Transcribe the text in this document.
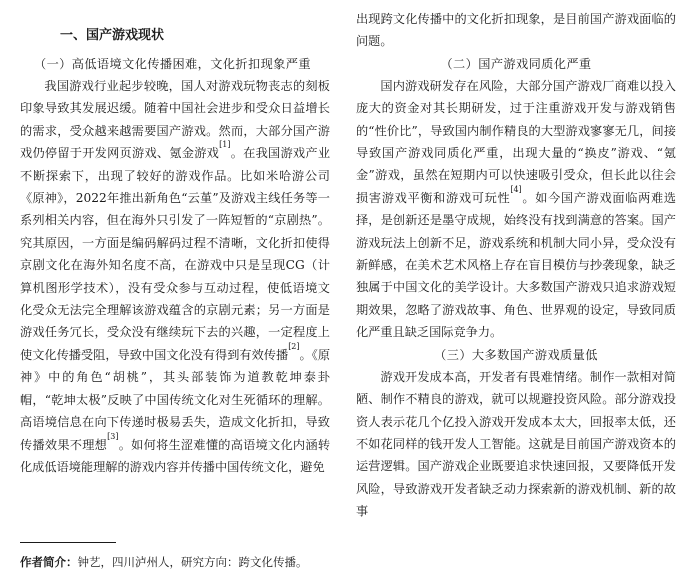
一、国产游戏现状
（一）高低语境文化传播困难，文化折扣现象严重

我国游戏行业起步较晚，国人对游戏玩物丧志的刻板印象导致其发展迟缓。随着中国社会进步和受众日益增长的需求，受众越来越需要国产游戏。然而，大部分国产游戏仍停留于开发网页游戏、氪金游戏[1]。在我国游戏产业不断探索下，出现了较好的游戏作品。比如米哈游公司《原神》，2022年推出新角色“云堇”及游戏主线任务等一系列相关内容，但在海外只引发了一阵短暂的“京剧热”。究其原因，一方面是编码解码过程不清晰，文化折扣使得京剧文化在海外知名度不高，在游戏中只是呈现CG（计算机图形学技术），没有受众参与互动过程，使低语境文化受众无法完全理解该游戏蕴含的京剧元素；另一方面是游戏任务冗长，受众没有继续玩下去的兴趣，一定程度上使文化传播受阻，导致中国文化没有得到有效传播[2]。《原神》中的角色“胡桃”，其头部装饰为道教乾坤泰卦帽，“乾坤太极”反映了中国传统文化对生死循环的理解。高语境信息在向下传递时极易丢失，造成文化折扣，导致传播效果不理想[3]。如何将生涩难懂的高语境文化内涵转化成低语境能理解的游戏内容并传播中国传统文化，避免

出现跨文化传播中的文化折扣现象，是目前国产游戏面临的问题。

（二）国产游戏同质化严重

国内游戏研发存在风险，大部分国产游戏厂商难以投入庞大的资金对其长期研发，过于注重游戏开发与游戏销售的“性价比”，导致国内制作精良的大型游戏寥寥无几，间接导致国产游戏同质化严重，出现大量的“换皮”游戏、“氪金”游戏，虽然在短期内可以快速吸引受众，但长此以往会损害游戏平衡和游戏可玩性[4]。如今国产游戏面临两难选择，是创新还是墨守成规，始终没有找到满意的答案。国产游戏玩法上创新不足，游戏系统和机制大同小异，受众没有新鲜感，在美术艺术风格上存在盲目模仿与抄袭现象，缺乏独属于中国文化的美学设计。大多数国产游戏只追求游戏短期效果，忽略了游戏故事、角色、世界观的设定，导致同质化严重且缺乏国际竞争力。

（三）大多数国产游戏质量低

游戏开发成本高，开发者有畏难情绪。制作一款相对简陋、制作不精良的游戏，就可以规避投资风险。部分游戏投资人表示花几个亿投入游戏开发成本太大，回报率太低，还不如花同样的钱开发人工智能。这就是目前国产游戏资本的运营逻辑。国产游戏企业既要追求快速回报，又要降低开发风险，导致游戏开发者缺乏动力探索新的游戏机制、新的故事

作者简介：钟艺，四川泸州人，研究方向：跨文化传播。
